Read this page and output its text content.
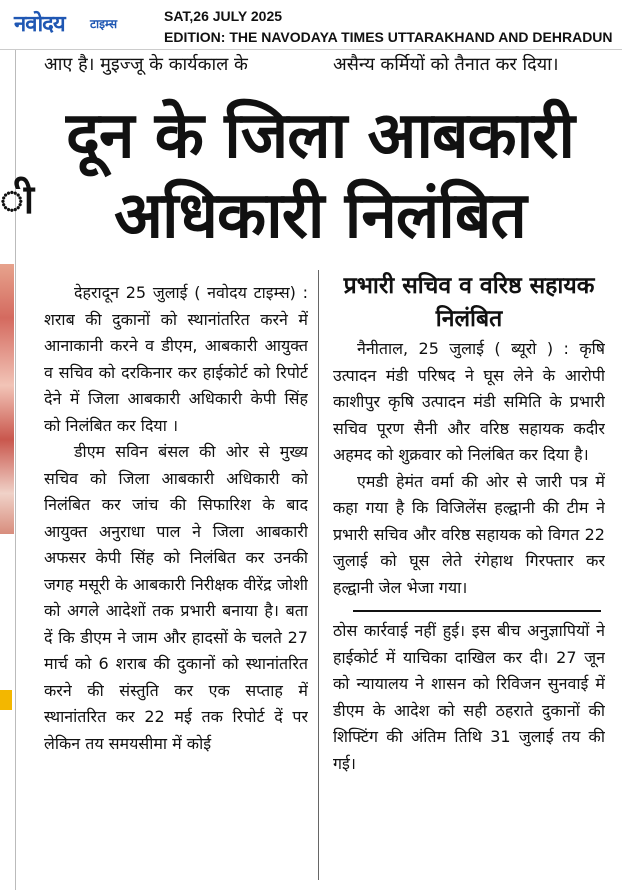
नवोदय टाइम्स	SAT,26 JULY 2025
EDITION: THE NAVODAYA TIMES UTTARAKHAND AND DEHRADUN
ी
आए है। मुइज्जू के कार्यकाल के	असैन्य कर्मियों को तैनात कर दिया।
दून के जिला आबकारी
अधिकारी निलंबित

देहरादून 25 जुलाई ( नवोदय टाइम्स) : शराब की दुकानों को स्थानांतरित करने में आनाकानी करने व डीएम, आबकारी आयुक्त व सचिव को दरकिनार कर हाईकोर्ट को रिपोर्ट देने में जिला आबकारी अधिकारी केपी सिंह को निलंबित कर दिया ।

डीएम सविन बंसल की ओर से मुख्य सचिव को जिला आबकारी अधिकारी को निलंबित कर जांच की सिफारिश के बाद आयुक्त अनुराधा पाल ने जिला आबकारी अफसर केपी सिंह को निलंबित कर उनकी जगह मसूरी के आबकारी निरीक्षक वीरेंद्र जोशी को अगले आदेशों तक प्रभारी बनाया है। बता दें कि डीएम ने जाम और हादसों के चलते 27 मार्च को 6 शराब की दुकानों को स्थानांतरित करने की संस्तुति कर एक सप्ताह में स्थानांतरित कर 22 मई तक रिपोर्ट दें पर लेकिन तय समयसीमा में कोई

प्रभारी सचिव व वरिष्ठ सहायक निलंबित

नैनीताल, 25 जुलाई ( ब्यूरो ) : कृषि उत्पादन मंडी परिषद ने घूस लेने के आरोपी काशीपुर कृषि उत्पादन मंडी समिति के प्रभारी सचिव पूरण सैनी और वरिष्ठ सहायक कदीर अहमद को शुक्रवार को निलंबित कर दिया है।

एमडी हेमंत वर्मा की ओर से जारी पत्र में कहा गया है कि विजिलेंस हल्द्वानी की टीम ने प्रभारी सचिव और वरिष्ठ सहायक को विगत 22 जुलाई को घूस लेते रंगेहाथ गिरफ्तार कर हल्द्वानी जेल भेजा गया।

ठोस कार्रवाई नहीं हुई। इस बीच अनुज्ञापियों ने हाईकोर्ट में याचिका दाखिल कर दी। 27 जून को न्यायालय ने शासन को रिविजन सुनवाई में डीएम के आदेश को सही ठहराते दुकानों की शिफ्टिंग की अंतिम तिथि 31 जुलाई तय की गई।
